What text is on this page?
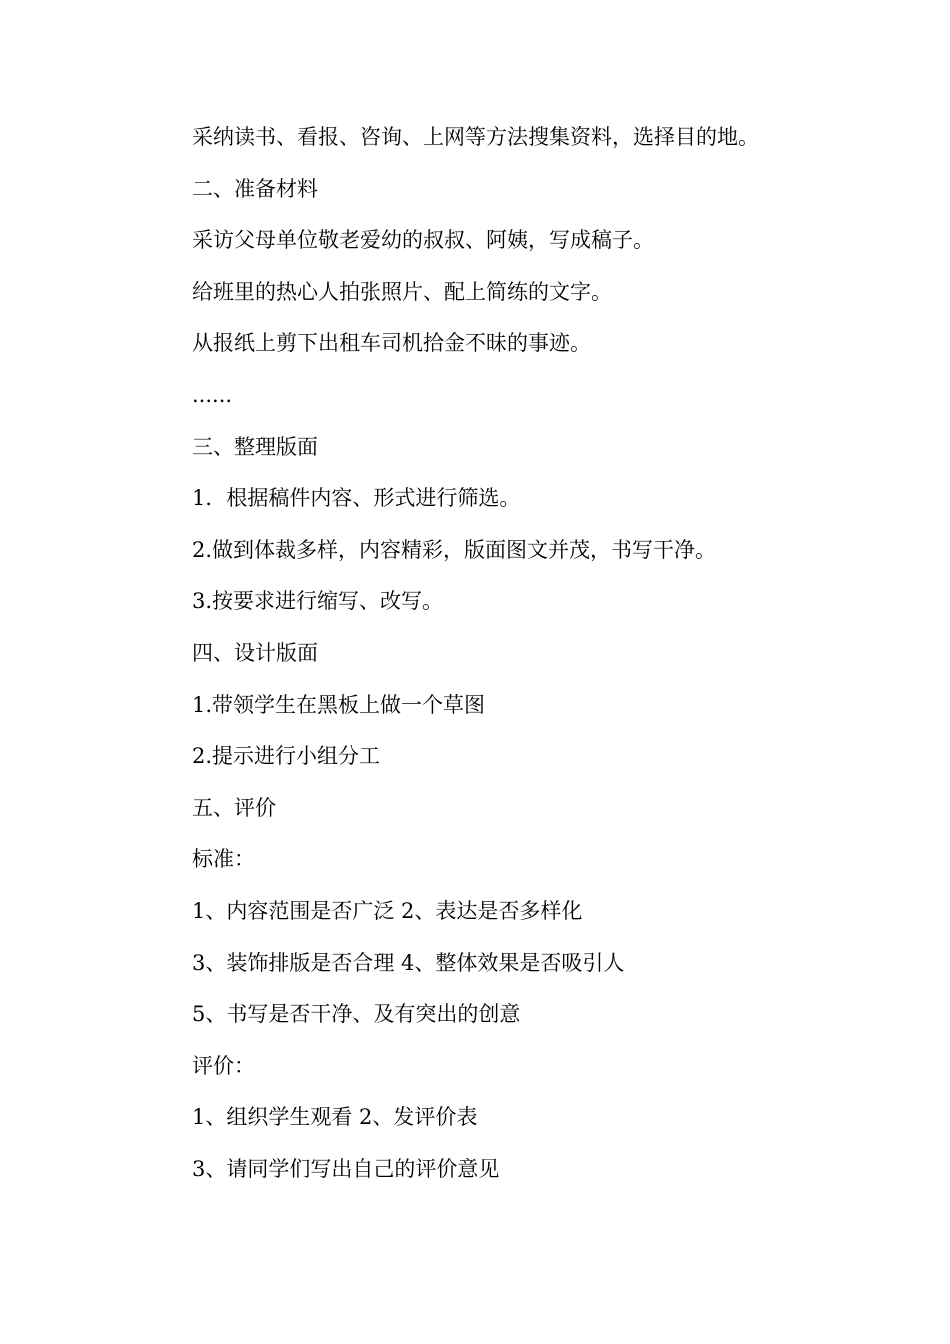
采纳读书、看报、咨询、上网等方法搜集资料，选择目的地。

二、准备材料

采访父母单位敬老爱幼的叔叔、阿姨，写成稿子。

给班里的热心人拍张照片、配上简练的文字。

从报纸上剪下出租车司机拾金不昧的事迹。

......

三、整理版面

1．根据稿件内容、形式进行筛选。

2.做到体裁多样，内容精彩，版面图文并茂，书写干净。

3.按要求进行缩写、改写。

四、设计版面

1.带领学生在黑板上做一个草图

2.提示进行小组分工

五、评价

标准：

1、内容范围是否广泛 2、表达是否多样化

3、装饰排版是否合理 4、整体效果是否吸引人

5、书写是否干净、及有突出的创意

评价：

1、组织学生观看 2、发评价表

3、请同学们写出自己的评价意见
